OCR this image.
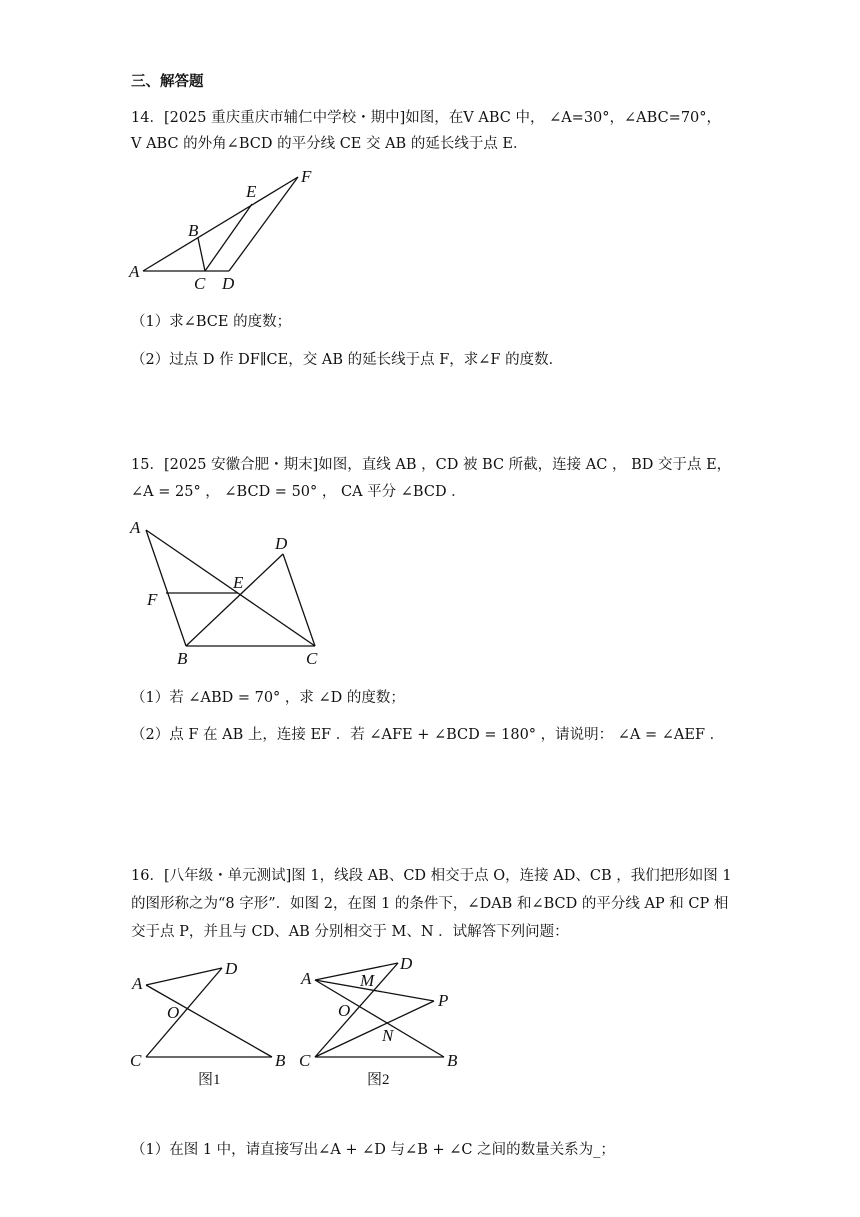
三、解答题
14．[2025 重庆重庆市辅仁中学校・期中]如图，在V ABC 中， ∠A=30°，∠ABC=70°，
V ABC 的外角∠BCD 的平分线 CE 交 AB 的延长线于点 E．
A
B
C D
E
F
（1）求∠BCE 的度数；
（2）过点 D 作 DF∥CE，交 AB 的延长线于点 F，求∠F 的度数．
15．[2025 安徽合肥・期末]如图，直线 AB ，CD 被 BC 所截，连接 AC ， BD 交于点 E，
∠A = 25° ， ∠BCD = 50° ， CA 平分 ∠BCD ．
A
B	C
D
E
F
（1）若 ∠ABD = 70° ，求 ∠D 的度数；
（2）点 F 在 AB 上，连接 EF ．若 ∠AFE + ∠BCD = 180° ，请说明： ∠A = ∠AEF ．
16．[八年级・单元测试]图 1，线段 AB、CD 相交于点 O，连接 AD、CB ，我们把形如图 1
的图形称之为“8 字形”．如图 2，在图 1 的条件下，∠DAB 和∠BCD 的平分线 AP 和 CP 相
交于点 P，并且与 CD、AB 分别相交于 M、N ．试解答下列问题：
A
D
O
C	B
图1
A
D
M
P
O
N
C	B
图2
（1）在图 1 中，请直接写出∠A + ∠D 与∠B + ∠C 之间的数量关系为_；
